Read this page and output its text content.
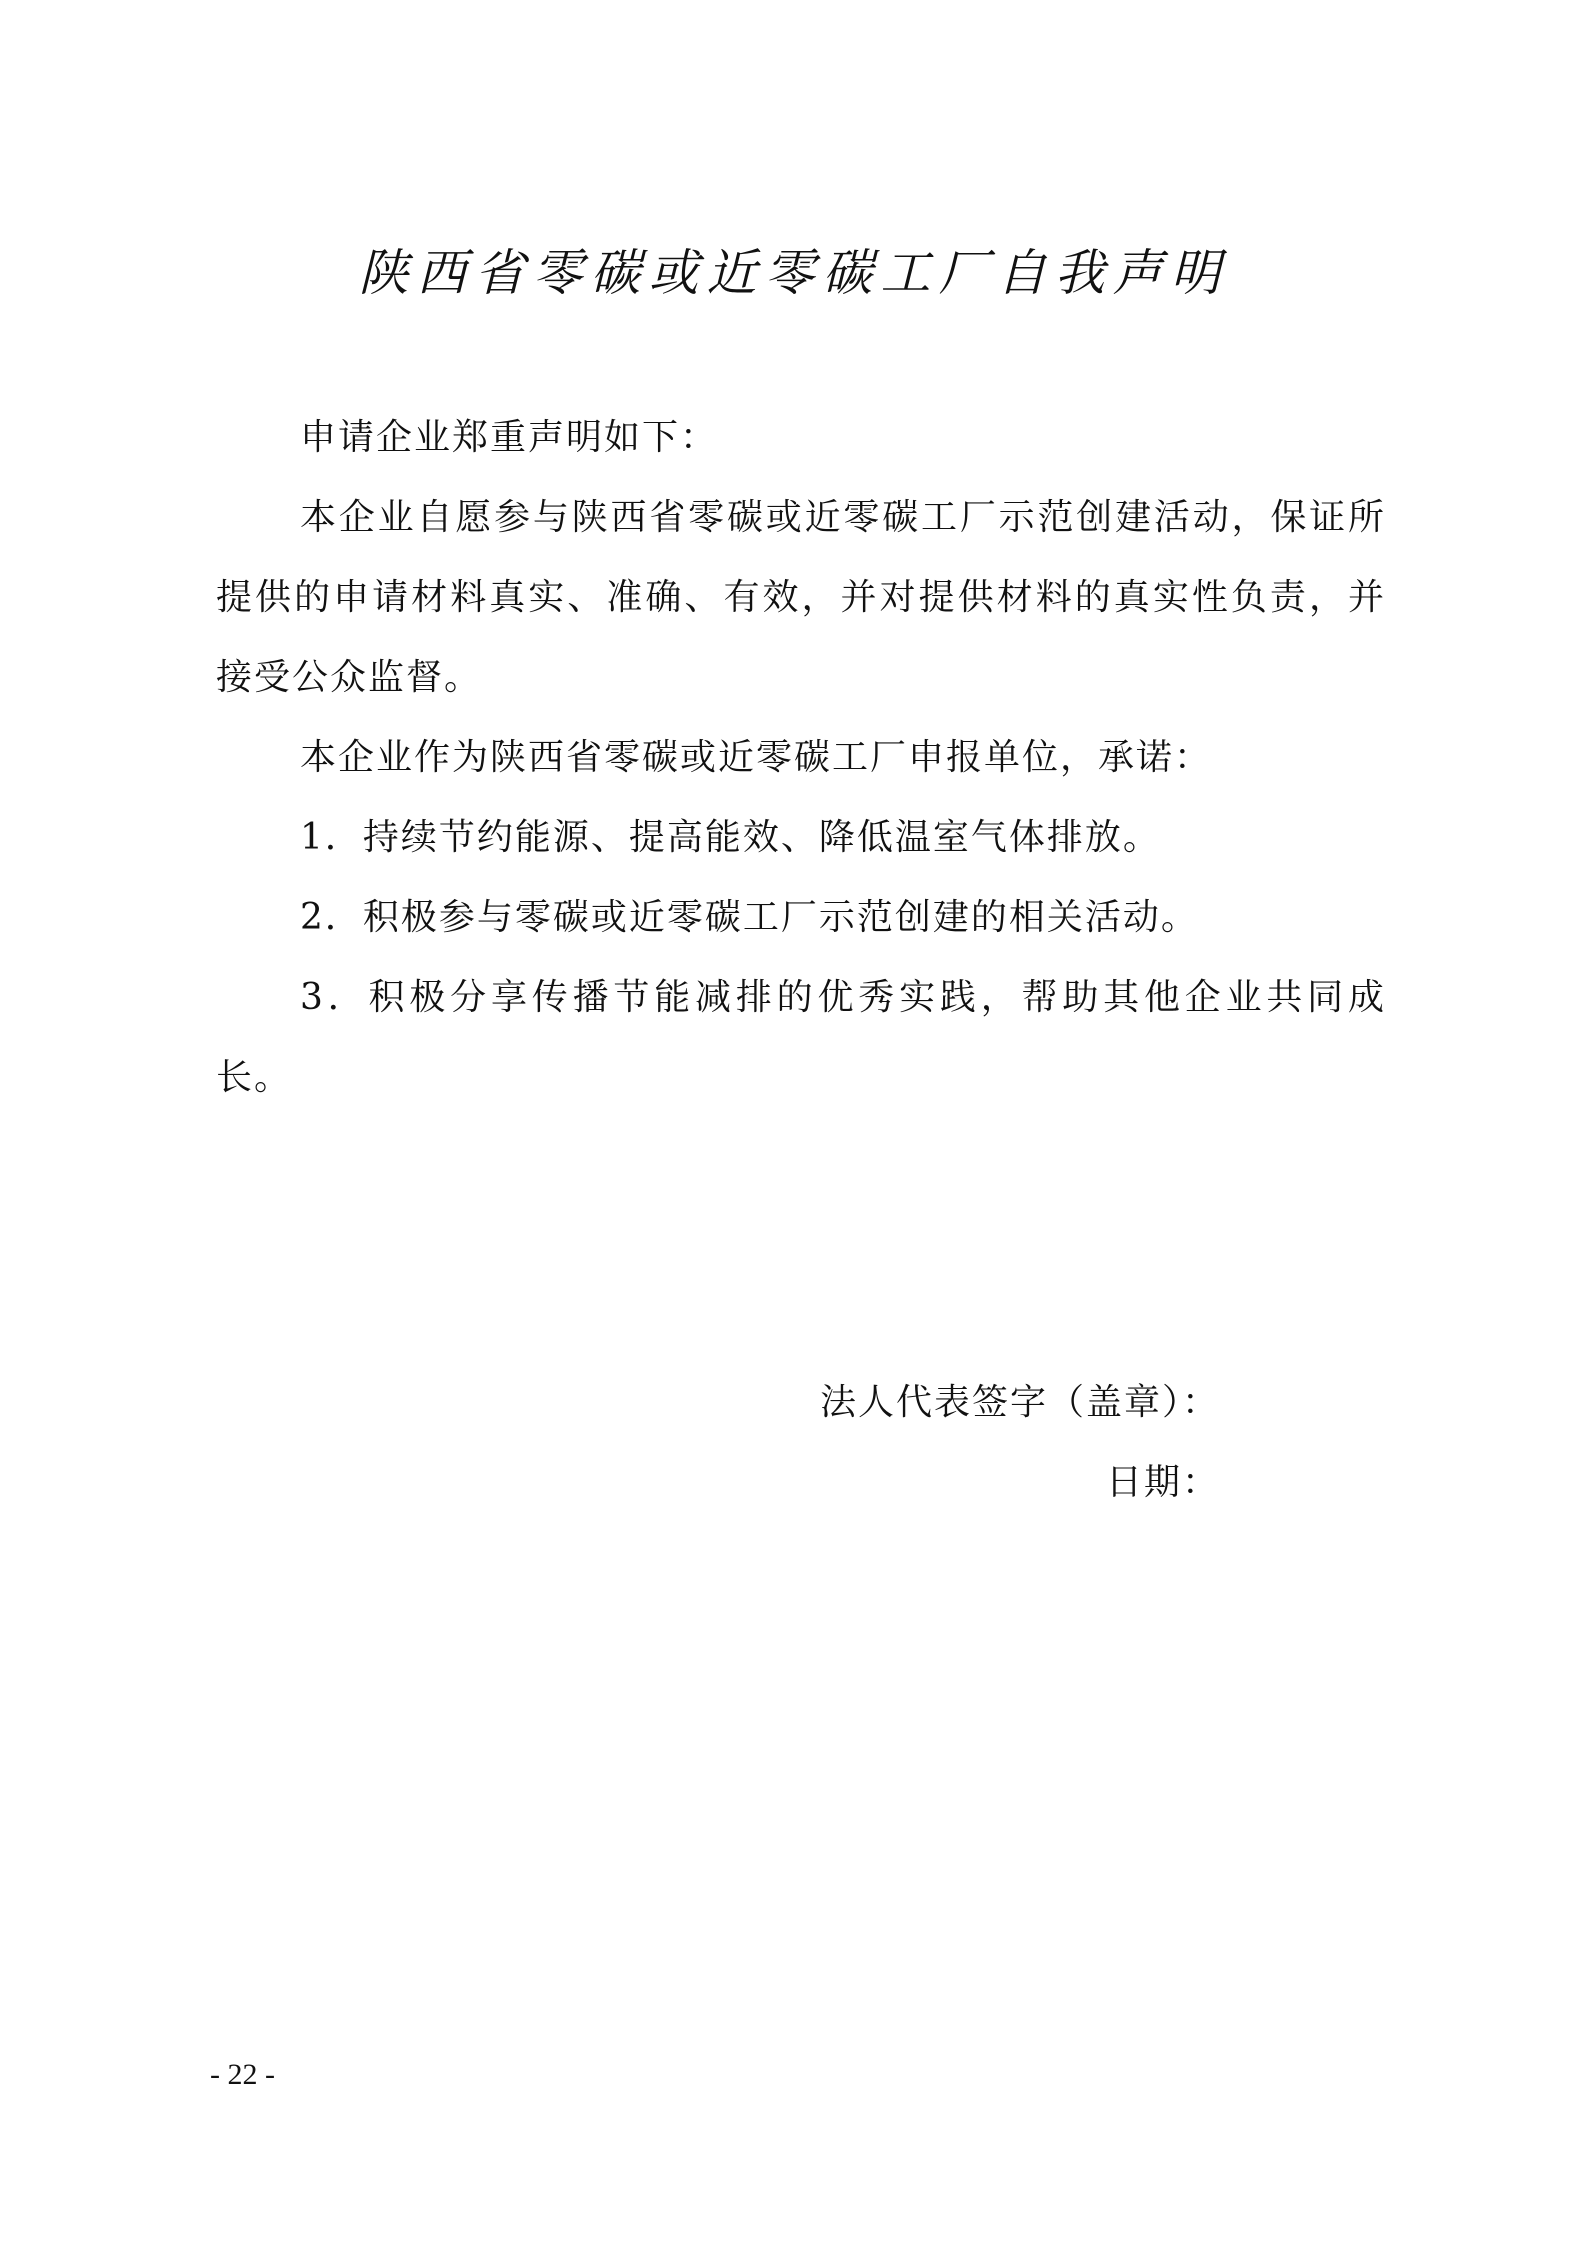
陕西省零碳或近零碳工厂自我声明

申请企业郑重声明如下：

本企业自愿参与陕西省零碳或近零碳工厂示范创建活动，保证所提供的申请材料真实、准确、有效，并对提供材料的真实性负责，并接受公众监督。

本企业作为陕西省零碳或近零碳工厂申报单位，承诺：

1．持续节约能源、提高能效、降低温室气体排放。

2．积极参与零碳或近零碳工厂示范创建的相关活动。

3．积极分享传播节能减排的优秀实践，帮助其他企业共同成长。

法人代表签字（盖章）：
日期：
- 22 -
